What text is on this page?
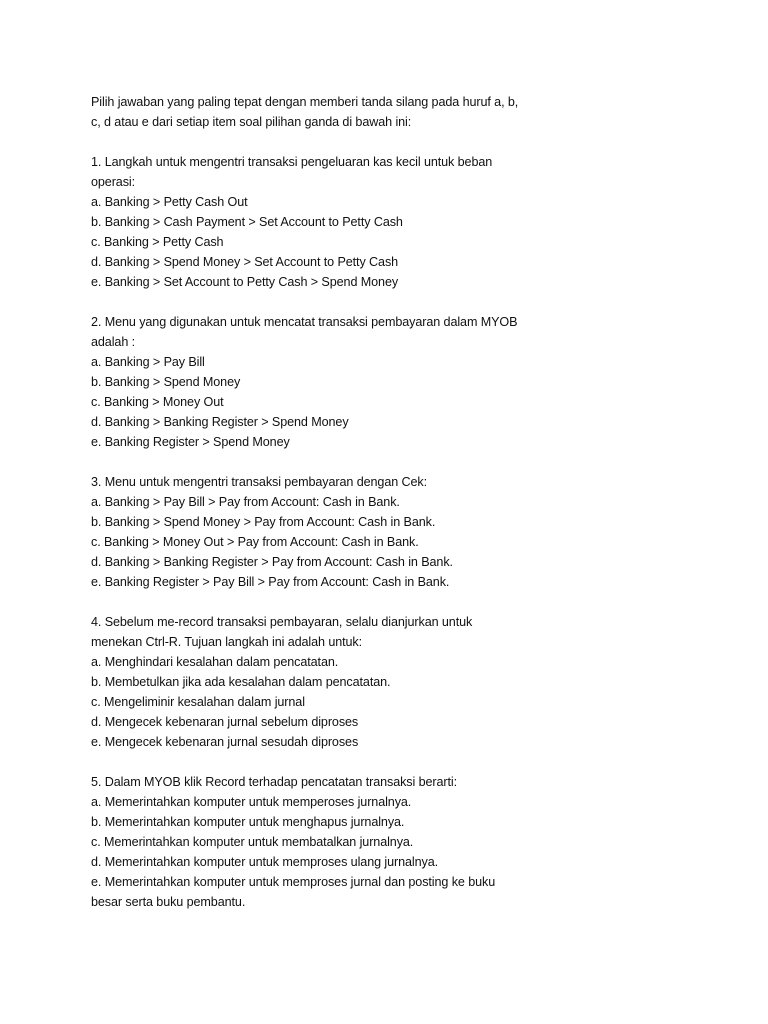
Pilih jawaban yang paling tepat dengan memberi tanda silang pada huruf a, b,
c, d atau e dari setiap item soal pilihan ganda di bawah ini:
1. Langkah untuk mengentri transaksi pengeluaran kas kecil untuk beban
operasi:
a. Banking > Petty Cash Out
b. Banking > Cash Payment > Set Account to Petty Cash
c. Banking > Petty Cash
d. Banking > Spend Money > Set Account to Petty Cash
e. Banking > Set Account to Petty Cash > Spend Money
2. Menu yang digunakan untuk mencatat transaksi pembayaran dalam MYOB
adalah :
a. Banking > Pay Bill
b. Banking > Spend Money
c. Banking > Money Out
d. Banking > Banking Register > Spend Money
e. Banking Register > Spend Money
3. Menu untuk mengentri transaksi pembayaran dengan Cek:
a. Banking > Pay Bill > Pay from Account: Cash in Bank.
b. Banking > Spend Money > Pay from Account: Cash in Bank.
c. Banking > Money Out > Pay from Account: Cash in Bank.
d. Banking > Banking Register > Pay from Account: Cash in Bank.
e. Banking Register > Pay Bill > Pay from Account: Cash in Bank.
4. Sebelum me-record transaksi pembayaran, selalu dianjurkan untuk
menekan Ctrl-R. Tujuan langkah ini adalah untuk:
a. Menghindari kesalahan dalam pencatatan.
b. Membetulkan jika ada kesalahan dalam pencatatan.
c. Mengeliminir kesalahan dalam jurnal
d. Mengecek kebenaran jurnal sebelum diproses
e. Mengecek kebenaran jurnal sesudah diproses
5. Dalam MYOB klik Record terhadap pencatatan transaksi berarti:
a. Memerintahkan komputer untuk memperoses jurnalnya.
b. Memerintahkan komputer untuk menghapus jurnalnya.
c. Memerintahkan komputer untuk membatalkan jurnalnya.
d. Memerintahkan komputer untuk memproses ulang jurnalnya.
e. Memerintahkan komputer untuk memproses jurnal dan posting ke buku
besar serta buku pembantu.
